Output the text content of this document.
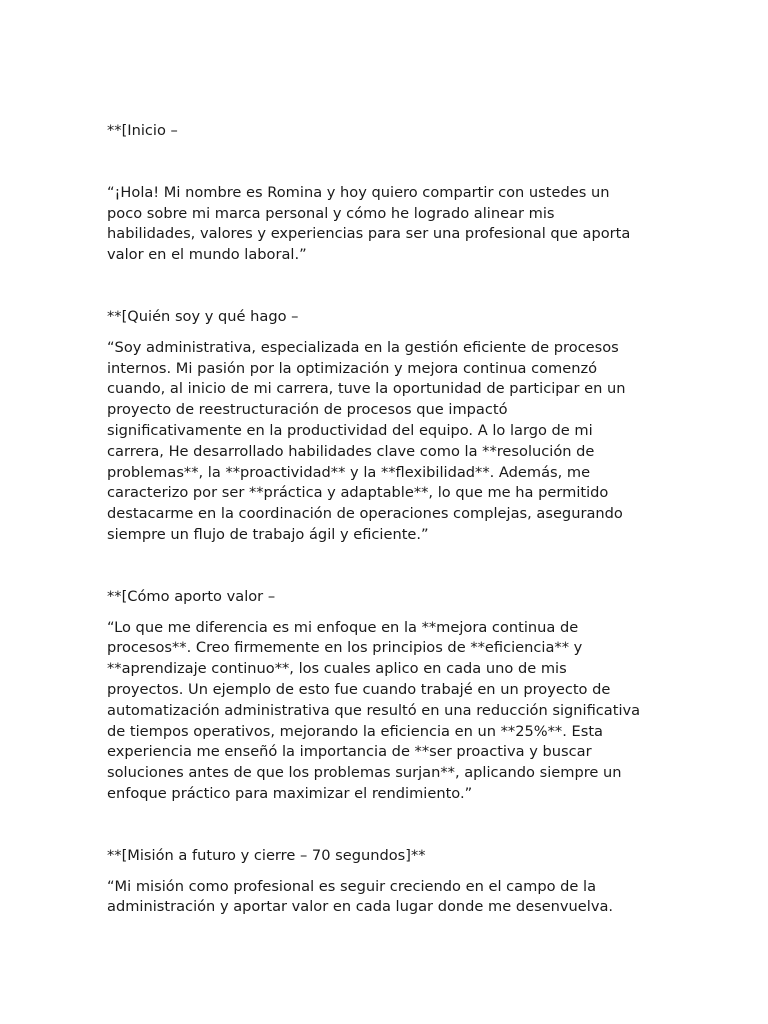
**[Inicio –

“¡Hola! Mi nombre es Romina y hoy quiero compartir con ustedes un
poco sobre mi marca personal y cómo he logrado alinear mis
habilidades, valores y experiencias para ser una profesional que aporta
valor en el mundo laboral.”

**[Quién soy y qué hago –

“Soy administrativa, especializada en la gestión eficiente de procesos
internos. Mi pasión por la optimización y mejora continua comenzó
cuando, al inicio de mi carrera, tuve la oportunidad de participar en un
proyecto de reestructuración de procesos que impactó
significativamente en la productividad del equipo. A lo largo de mi
carrera, He desarrollado habilidades clave como la **resolución de
problemas**, la **proactividad** y la **flexibilidad**. Además, me
caracterizo por ser **práctica y adaptable**, lo que me ha permitido
destacarme en la coordinación de operaciones complejas, asegurando
siempre un flujo de trabajo ágil y eficiente.”

**[Cómo aporto valor –

“Lo que me diferencia es mi enfoque en la **mejora continua de
procesos**. Creo firmemente en los principios de **eficiencia** y
**aprendizaje continuo**, los cuales aplico en cada uno de mis
proyectos. Un ejemplo de esto fue cuando trabajé en un proyecto de
automatización administrativa que resultó en una reducción significativa
de tiempos operativos, mejorando la eficiencia en un **25%**. Esta
experiencia me enseñó la importancia de **ser proactiva y buscar
soluciones antes de que los problemas surjan**, aplicando siempre un
enfoque práctico para maximizar el rendimiento.”

**[Misión a futuro y cierre – 70 segundos]**

“Mi misión como profesional es seguir creciendo en el campo de la
administración y aportar valor en cada lugar donde me desenvuelva.
